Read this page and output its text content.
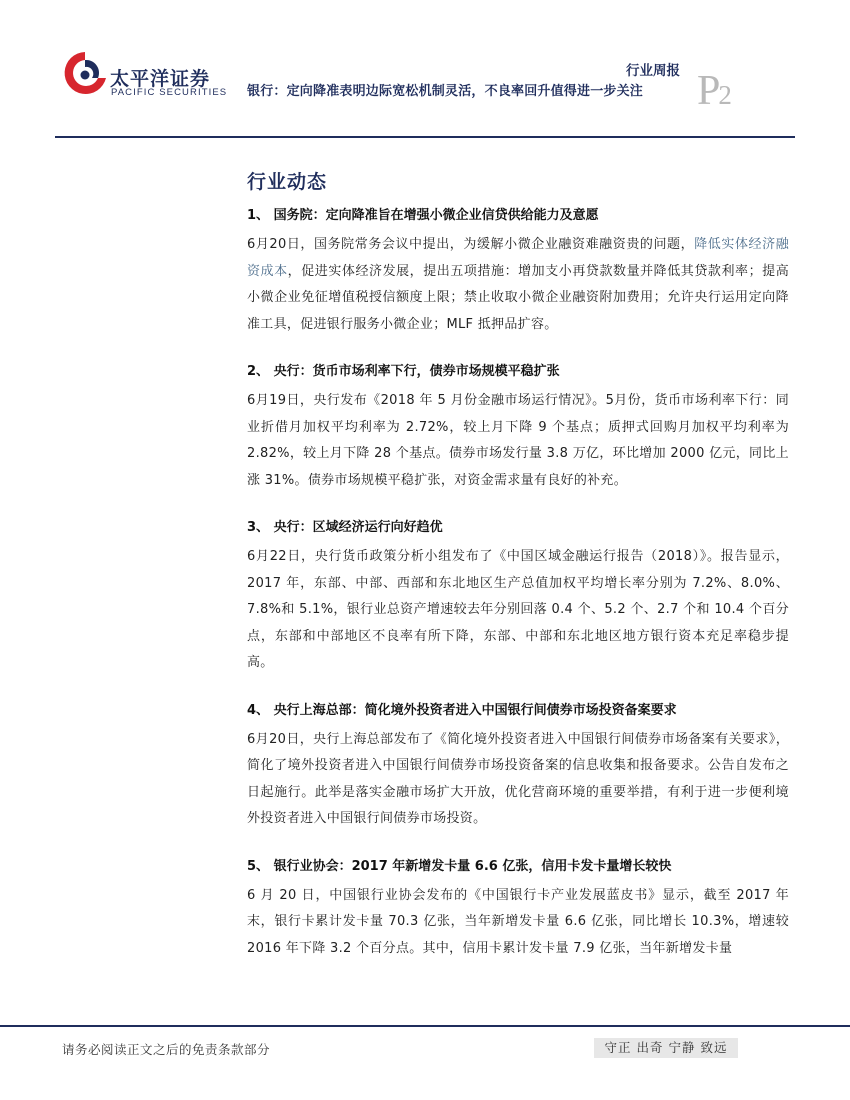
太平洋证券
PACIFIC SECURITIES
行业周报
银行：定向降准表明边际宽松机制灵活，不良率回升值得进一步关注 P2
行业动态
1、 国务院：定向降准旨在增强小微企业信贷供给能力及意愿
6月20日，国务院常务会议中提出，为缓解小微企业融资难融资贵的问题，降低实体经济融资成本，促进实体经济发展，提出五项措施：增加支小再贷款数量并降低其贷款利率；提高小微企业免征增值税授信额度上限；禁止收取小微企业融资附加费用；允许央行运用定向降准工具，促进银行服务小微企业；MLF 抵押品扩容。
2、 央行：货币市场利率下行，债券市场规模平稳扩张
6月19日，央行发布《2018 年 5 月份金融市场运行情况》。5月份，货币市场利率下行：同业折借月加权平均利率为 2.72%，较上月下降 9 个基点；质押式回购月加权平均利率为 2.82%，较上月下降 28 个基点。债券市场发行量 3.8 万亿，环比增加 2000 亿元，同比上涨 31%。债券市场规模平稳扩张，对资金需求量有良好的补充。
3、 央行：区域经济运行向好趋优
6月22日，央行货币政策分析小组发布了《中国区域金融运行报告（2018）》。报告显示，2017 年，东部、中部、西部和东北地区生产总值加权平均增长率分别为 7.2%、8.0%、7.8%和 5.1%，银行业总资产增速较去年分别回落 0.4 个、5.2 个、2.7 个和 10.4 个百分点，东部和中部地区不良率有所下降，东部、中部和东北地区地方银行资本充足率稳步提高。
4、 央行上海总部：简化境外投资者进入中国银行间债券市场投资备案要求
6月20日，央行上海总部发布了《简化境外投资者进入中国银行间债券市场备案有关要求》，简化了境外投资者进入中国银行间债券市场投资备案的信息收集和报备要求。公告自发布之日起施行。此举是落实金融市场扩大开放，优化营商环境的重要举措，有利于进一步便利境外投资者进入中国银行间债券市场投资。
5、 银行业协会：2017 年新增发卡量 6.6 亿张，信用卡发卡量增长较快
6 月 20 日，中国银行业协会发布的《中国银行卡产业发展蓝皮书》显示，截至 2017 年末，银行卡累计发卡量 70.3 亿张，当年新增发卡量 6.6 亿张，同比增长 10.3%，增速较 2016 年下降 3.2 个百分点。其中，信用卡累计发卡量 7.9 亿张，当年新增发卡量
请务必阅读正文之后的免责条款部分	守正 出奇 宁静 致远
